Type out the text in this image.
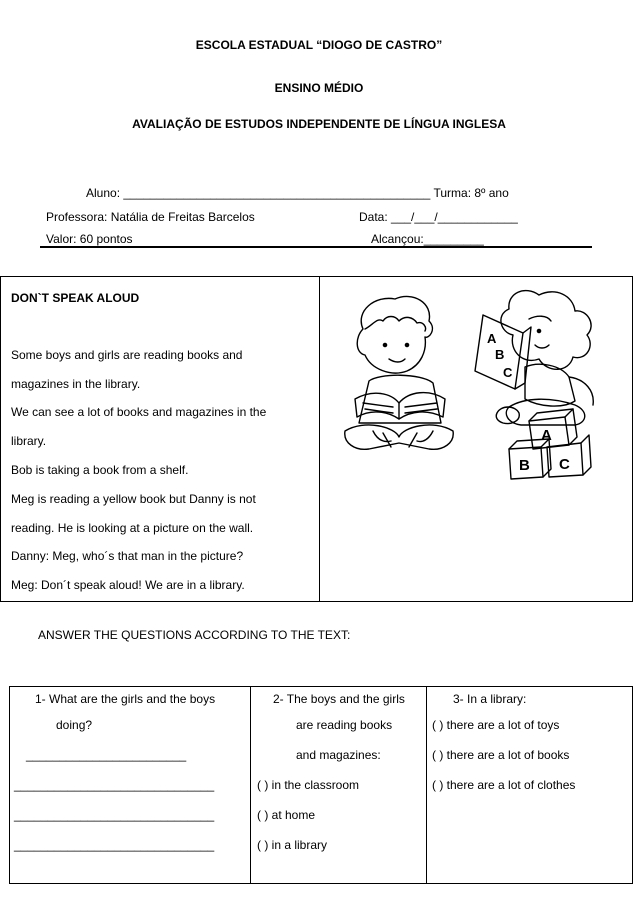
ESCOLA ESTADUAL “DIOGO DE CASTRO”
ENSINO MÉDIO
AVALIAÇÃO DE ESTUDOS INDEPENDENTE DE LÍNGUA INGLESA
Aluno: ______________________________________________ Turma: 8º ano
Professora: Natália de Freitas Barcelos	Data: ___/___/____________
Valor: 60 pontos	Alcançou:_________
DON`T SPEAK ALOUD
Some boys and girls are reading books and
magazines in the library.
We can see a lot of books and magazines in the
library.
Bob is taking a book from a shelf.
Meg is reading a yellow book but Danny is not
reading. He is looking at a picture on the wall.
Danny: Meg, who´s that man in the picture?
Meg: Don´t speak aloud! We are in a library.
A
B
C
A
B C
ANSWER THE QUESTIONS ACCORDING TO THE TEXT:
1- What are the girls and the boys
doing?
________________________
______________________________
______________________________
______________________________
2- The boys and the girls
are reading books
and magazines:
( ) in the classroom
( ) at home
( ) in a library
3- In a library:
( ) there are a lot of toys
( ) there are a lot of books
( ) there are a lot of clothes
